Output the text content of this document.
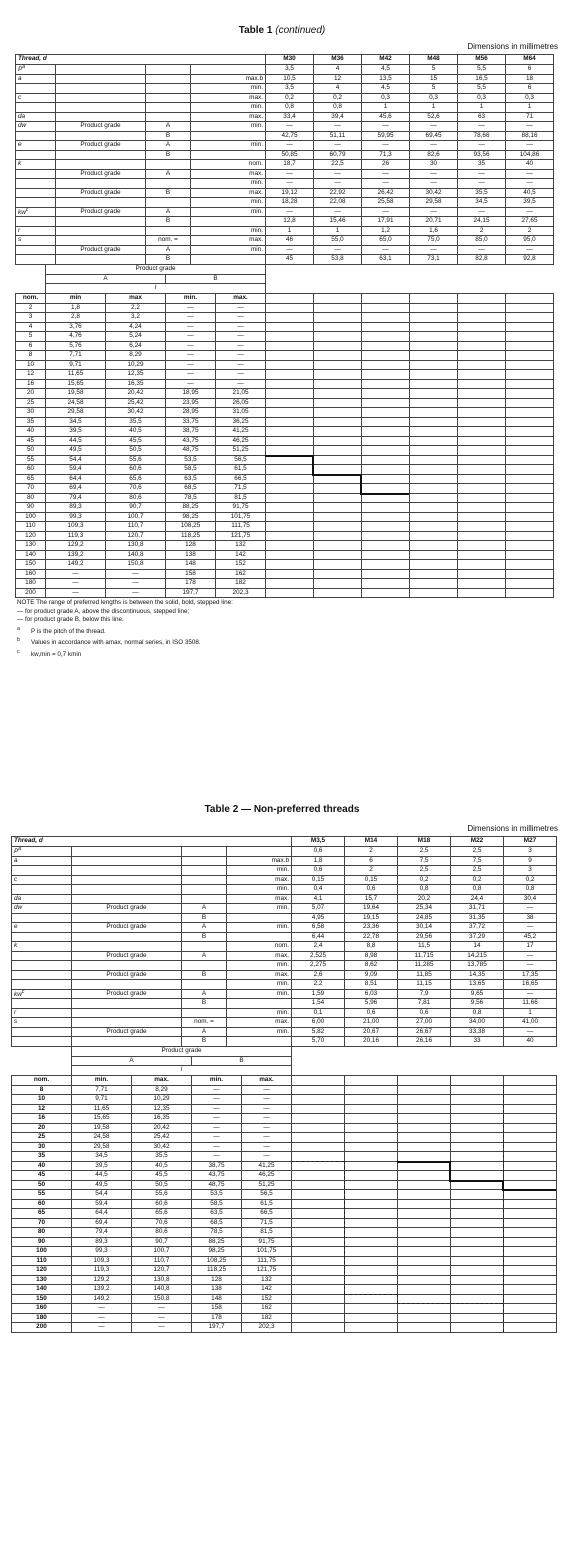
Table 1 (continued)
Dimensions in millimetres
Thread, d				M30	M36	M42	M48	M56	M64
$P^a$				3,5	4	4,5	5	5,5	6
a			max.b	10,5	12	13,5	15	16,5	18
			min.	3,5	4	4,5	5	5,5	6
c			max.	0,2	0,2	0,3	0,3	0,3	0,3
			min.	0,8	0,8	1	1	1	1
da			max.	33,4	39,4	45,6	52,6	63	71
dw	Product grade	A	min.	—	—	—	—	—	—
		B		42,75	51,11	59,95	69,45	78,66	88,16
e	Product grade	A	min.	—	—	—	—	—	—
		B		50,85	60,79	71,3	82,6	93,56	104,86
k			nom.	18,7	22,5	26	30	35	40
	Product grade	A	max.	—	—	—	—	—	—
			min.	—	—	—	—	—	—
	Product grade	B	max.	19,12	22,92	26,42	30,42	35,5	40,5
			min.	18,28	22,08	25,58	29,58	34,5	39,5
$kw^c$	Product grade	A	min.	—	—	—	—	—	—
		B		12,8	15,46	17,91	20,71	24,15	27,65
r			min.	1	1	1,2	1,6	2	2
s		nom. =	max.	46	55,0	65,0	75,0	85,0	95,0
	Product grade	A	min.	—	—	—	—	—	—
		B		45	53,8	63,1	73,1	82,8	92,8
	Product grade									
	A		B							
	l									
nom.	min	max	min.	max.						
2	1,8	2,2	—	—						
3	2,8	3,2	—	—						
4	3,76	4,24	—	—						
5	4,76	5,24	—	—						
6	5,76	6,24	—	—						
8	7,71	8,29	—	—						
10	9,71	10,29	—	—						
12	11,65	12,35	—	—						
16	15,65	16,35	—	—						
20	19,58	20,42	18,95	21,05						
25	24,58	25,42	23,95	26,05						
30	29,58	30,42	28,95	31,05						
35	34,5	35,5	33,75	36,25						
40	39,5	40,5	38,75	41,25						
45	44,5	45,5	43,75	46,25						
50	49,5	50,5	48,75	51,25						
55	54,4	55,6	53,5	56,5						
60	59,4	60,6	58,5	61,5						
65	64,4	65,6	63,5	66,5						
70	69,4	70,6	68,5	71,5						
80	79,4	80,6	78,5	81,5						
90	89,3	90,7	88,25	91,75						
100	99,3	100,7	98,25	101,75						
110	109,3	110,7	108,25	111,75						
120	119,3	120,7	118,25	121,75						
130	129,2	130,8	128	132						
140	139,2	140,8	138	142						
150	149,2	150,8	148	152						
160	—	—	158	162						
180	—	—	178	182						
200	—	—	197,7	202,3						
NOTE The range of preferred lengths is between the solid, bold, stepped line:
— for product grade A, above the discontinuous, stepped line;
— for product grade B, below this line.
$^a$ P is the pitch of the thread.
$^b$ Values in accordance with amax, normal series, in ISO 3508.
$^c$ kw,min = 0,7 kmin
Table 2 — Non-preferred threads
Dimensions in millimetres
Thread, d				M3,5	M14	M18	M22	M27
$P^a$				0,6	2	2,5	2,5	3
a			max.b	1,8	6	7,5	7,5	9
			min.	0,6	2	2,5	2,5	3
c			max.	0,15	0,15	0,2	0,2	0,2
			min.	0,4	0,6	0,8	0,8	0,8
da			max.	4,1	15,7	20,2	24,4	30,4
dw	Product grade	A	min.	5,07	19,64	25,34	31,71	—
		B		4,95	19,15	24,85	31,35	38
e	Product grade	A	min.	6,58	23,36	30,14	37,72	—
		B		6,44	22,78	29,56	37,29	45,2
k			nom.	2,4	8,8	11,5	14	17
	Product grade	A	max.	2,525	8,98	11,715	14,215	—
			min.	2,275	8,62	11,285	13,785	—
	Product grade	B	max.	2,6	9,09	11,85	14,35	17,35
			min.	2,2	8,51	11,15	13,65	16,65
$kw^c$	Product grade	A	min.	1,59	6,03	7,9	9,65	—
		B		1,54	5,96	7,81	9,56	11,66
r			min.	0,1	0,6	0,6	0,8	1
s		nom. =	max.	6,00	21,00	27,00	34,00	41,00
	Product grade	A	min.	5,82	20,67	26,67	33,38	—
		B		5,70	20,16	26,16	33	40
	Product grade								
	A		B						
	l								
nom.	min.	max.	min.	max.					
8	7,71	8,29	—	—					
10	9,71	10,29	—	—					
12	11,65	12,35	—	—					
16	15,65	16,35	—	—					
20	19,58	20,42	—	—					
25	24,58	25,42	—	—					
30	29,58	30,42	—	—					
35	34,5	35,5	—	—					
40	39,5	40,5	38,75	41,25					
45	44,5	45,5	43,75	46,25					
50	49,5	50,5	48,75	51,25					
55	54,4	55,6	53,5	56,5					
60	59,4	60,6	58,5	61,5					
65	64,4	65,6	63,5	66,5					
70	69,4	70,6	68,5	71,5					
80	79,4	80,6	78,5	81,5					
90	89,3	90,7	88,25	91,75					
100	99,3	100,7	98,25	101,75					
110	109,3	110,7	108,25	111,75					
120	119,3	120,7	118,25	121,75					
130	129,2	130,8	128	132					
140	139,2	140,8	138	142					
150	149,2	150,8	148	152					
160	—	—	158	162					
180	—	—	178	182					
200	—	—	197,7	202,3					
